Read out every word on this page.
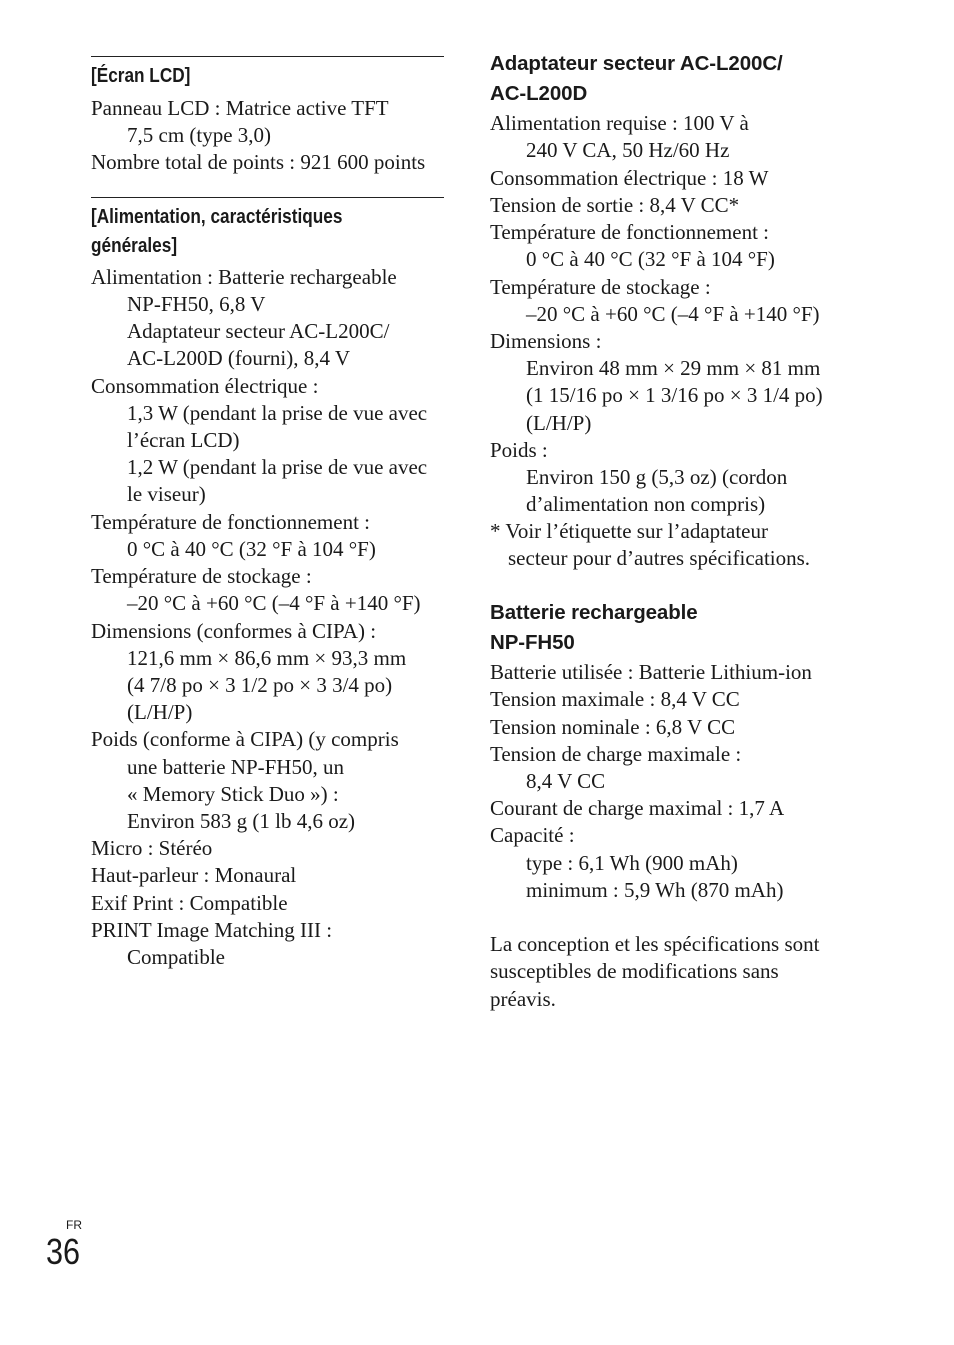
[Écran LCD]
Panneau LCD : Matrice active TFT
7,5 cm (type 3,0)
Nombre total de points : 921 600 points
[Alimentation, caractéristiques
générales]
Alimentation : Batterie rechargeable
NP-FH50, 6,8 V
Adaptateur secteur AC-L200C/
AC-L200D (fourni), 8,4 V
Consommation électrique :
1,3 W (pendant la prise de vue avec
l’écran LCD)
1,2 W (pendant la prise de vue avec
le viseur)
Température de fonctionnement :
0 °C à 40 °C (32 °F à 104 °F)
Température de stockage :
–20 °C à +60 °C (–4 °F à +140 °F)
Dimensions (conformes à CIPA) :
121,6 mm × 86,6 mm × 93,3 mm
(4 7/8 po × 3 1/2 po × 3 3/4 po)
(L/H/P)
Poids (conforme à CIPA) (y compris
une batterie NP-FH50, un
« Memory Stick Duo ») :
Environ 583 g (1 lb 4,6 oz)
Micro : Stéréo
Haut-parleur : Monaural
Exif Print : Compatible
PRINT Image Matching III :
Compatible
Adaptateur secteur AC-L200C/
AC-L200D
Alimentation requise : 100 V à
240 V CA, 50 Hz/60 Hz
Consommation électrique : 18 W
Tension de sortie : 8,4 V CC*
Température de fonctionnement :
0 °C à 40 °C (32 °F à 104 °F)
Température de stockage :
–20 °C à +60 °C (–4 °F à +140 °F)
Dimensions :
Environ 48 mm × 29 mm × 81 mm
(1 15/16 po × 1 3/16 po × 3 1/4 po)
(L/H/P)
Poids :
Environ 150 g (5,3 oz) (cordon
d’alimentation non compris)
* Voir l’étiquette sur l’adaptateur
secteur pour d’autres spécifications.
Batterie rechargeable
NP-FH50
Batterie utilisée : Batterie Lithium-ion
Tension maximale : 8,4 V CC
Tension nominale : 6,8 V CC
Tension de charge maximale :
8,4 V CC
Courant de charge maximal : 1,7 A
Capacité :
type : 6,1 Wh (900 mAh)
minimum : 5,9 Wh (870 mAh)
La conception et les spécifications sont
susceptibles de modifications sans
préavis.
FR
36
